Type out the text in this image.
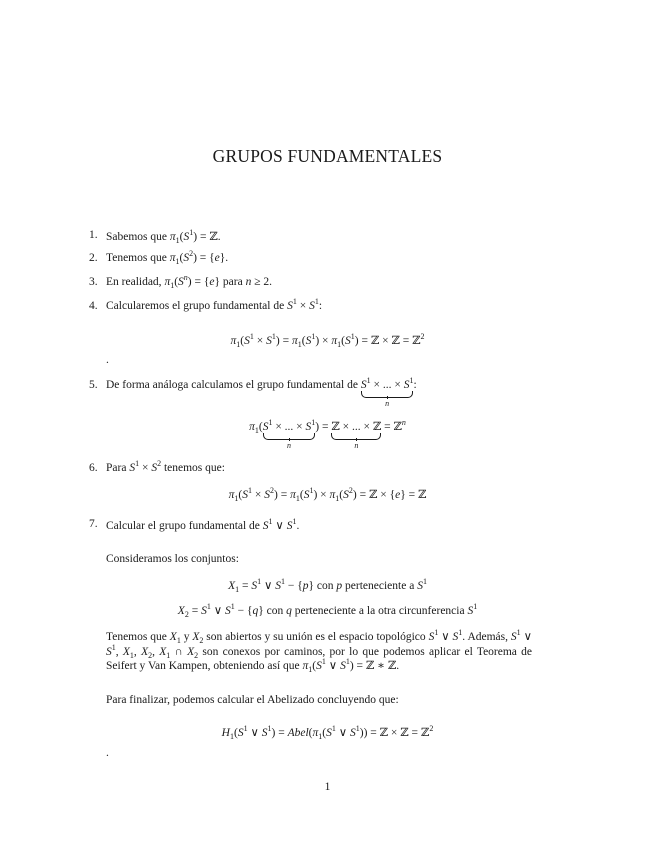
GRUPOS FUNDAMENTALES
1. Sabemos que $\pi_1(S^1)$ = ℤ.
2. Tenemos que $\pi_1(S^2) = \{e\}$.
3. En realidad, $\pi_1(S^n) = \{e\}$ para n ≥ 2.
4. Calcularemos el grupo fundamental de $S^1 \times S^1$:
$\pi_1(S^1 \times S^1) = \pi_1(S^1) \times \pi_1(S^1)$ = ℤ × ℤ = ℤ$^2$
.
5. De forma análoga calculamos el grupo fundamental de $S^1$ × ... × $S^1$
n
:
$\pi_1(S^1$ × ... × $S^1$
n
) = ℤ × ... × ℤ
n
= ℤ$^n$
6. Para $S^1 \times S^2$ tenemos que:
$\pi_1(S^1 \times S^2) = \pi_1(S^1) \times \pi_1(S^2)$ = ℤ × {e} = ℤ
7. Calcular el grupo fundamental de $S^1$ ∨ $S^1$.
Consideramos los conjuntos:
$X_1 = S^1$ ∨ $S^1 - \{p\}$ con p perteneciente a $S^1$
$X_2 = S^1$ ∨ $S^1 - \{q\}$ con q perteneciente a la otra circunferencia $S^1$
Tenemos que $X_1$ y $X_2$ son abiertos y su unión es el espacio topológico $S^1$ ∨ $S^1$. Además, $S^1$ ∨ $S^1$, $X_1$, $X_2$, $X_1$ ∩ $X_2$ son conexos por caminos, por lo que podemos aplicar el Teorema de Seifert y Van Kampen, obteniendo así que $\pi_1(S^1$ ∨ $S^1$) = ℤ ∗ ℤ.
Para finalizar, podemos calcular el Abelizado concluyendo que:
$H_1(S^1$ ∨ $S^1$) = $Abel(\pi_1(S^1$ ∨ $S^1$)) = ℤ × ℤ = ℤ$^2$
.
1
